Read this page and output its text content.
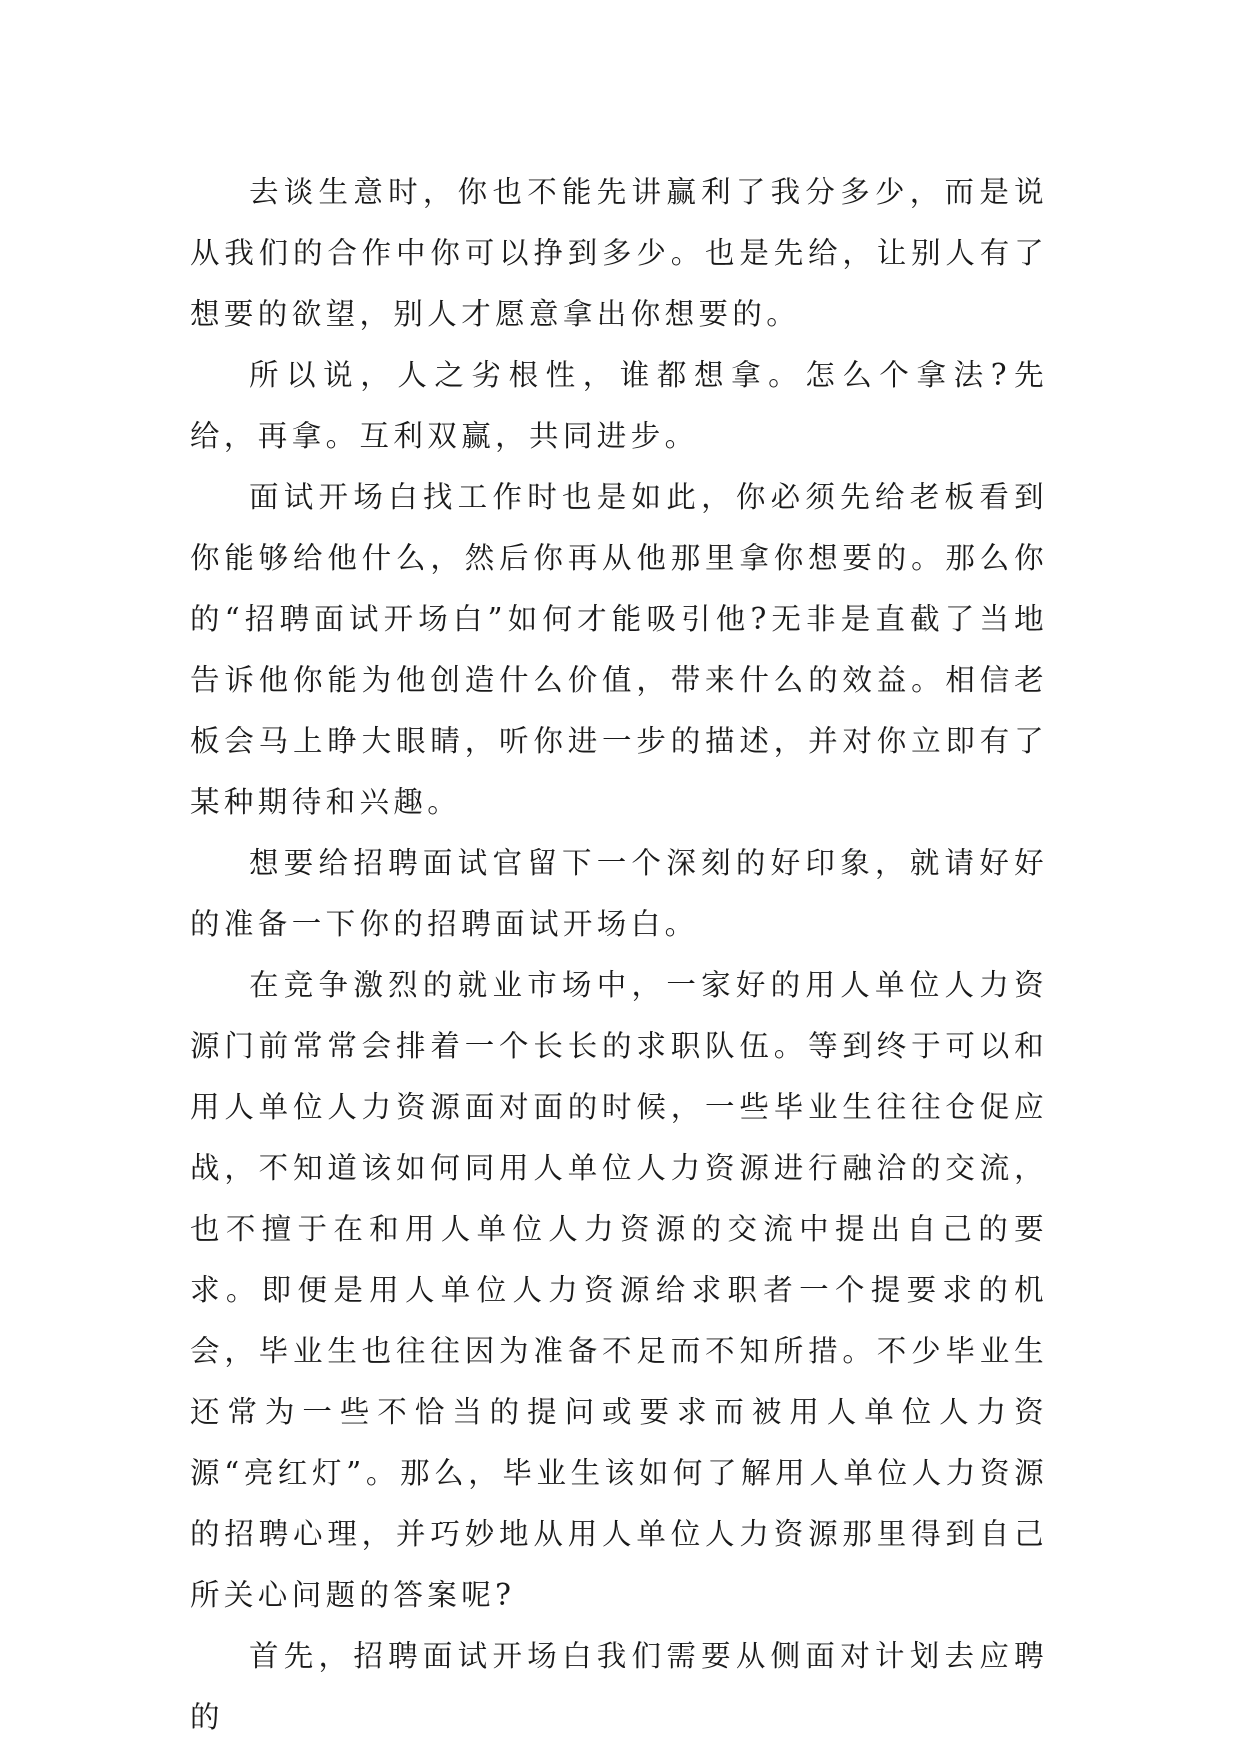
去谈生意时，你也不能先讲赢利了我分多少，而是说从我们的合作中你可以挣到多少。也是先给，让别人有了想要的欲望，别人才愿意拿出你想要的。

所以说，人之劣根性，谁都想拿。怎么个拿法?先给，再拿。互利双赢，共同进步。

面试开场白找工作时也是如此，你必须先给老板看到你能够给他什么，然后你再从他那里拿你想要的。那么你的“招聘面试开场白”如何才能吸引他?无非是直截了当地告诉他你能为他创造什么价值，带来什么的效益。相信老板会马上睁大眼睛，听你进一步的描述，并对你立即有了某种期待和兴趣。

想要给招聘面试官留下一个深刻的好印象，就请好好的准备一下你的招聘面试开场白。

在竞争激烈的就业市场中，一家好的用人单位人力资源门前常常会排着一个长长的求职队伍。等到终于可以和用人单位人力资源面对面的时候，一些毕业生往往仓促应战，不知道该如何同用人单位人力资源进行融洽的交流，也不擅于在和用人单位人力资源的交流中提出自己的要求。即便是用人单位人力资源给求职者一个提要求的机会，毕业生也往往因为准备不足而不知所措。不少毕业生还常为一些不恰当的提问或要求而被用人单位人力资源“亮红灯”。那么，毕业生该如何了解用人单位人力资源的招聘心理，并巧妙地从用人单位人力资源那里得到自己所关心问题的答案呢?

首先，招聘面试开场白我们需要从侧面对计划去应聘的
